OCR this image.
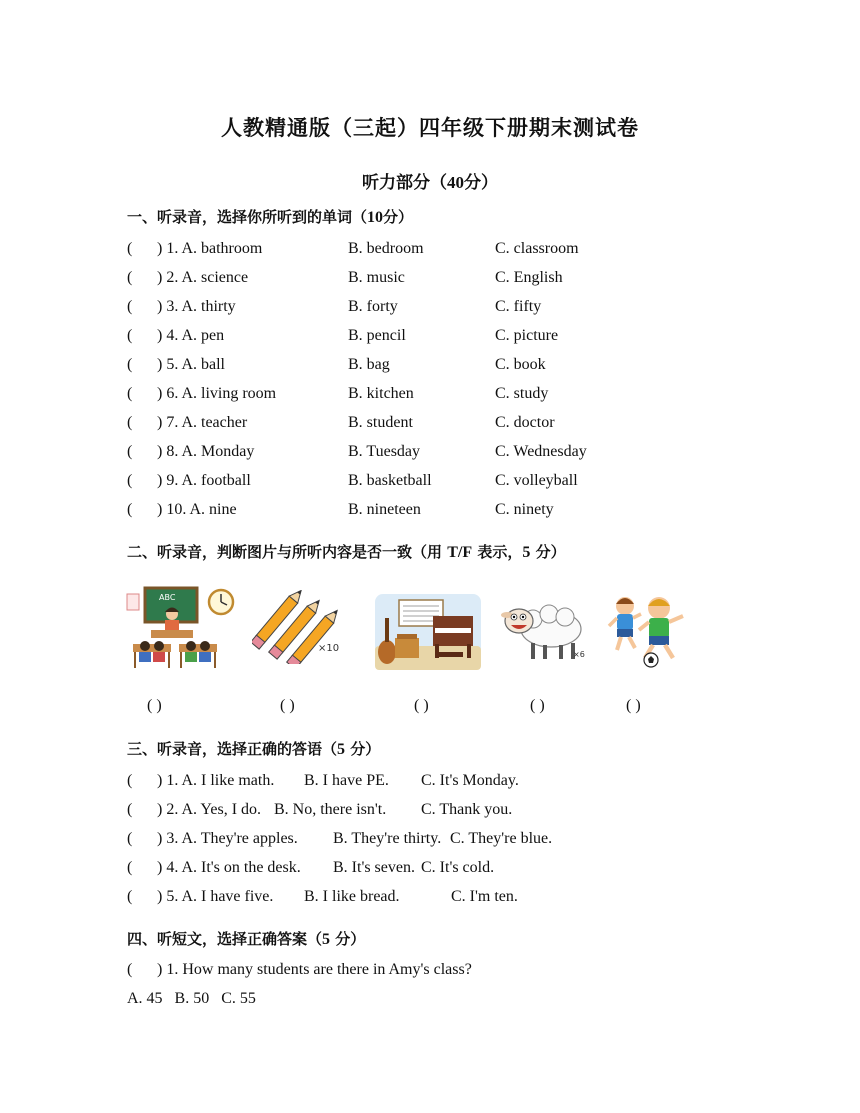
人教精通版（三起）四年级下册期末测试卷
听力部分（40分）
一、听录音，选择你所听到的单词（10分）
( ) 1. A. bathroom	B. bedroom	C. classroom
( ) 2. A. science	B. music	C. English
( ) 3. A. thirty	B. forty	C. fifty
( ) 4. A. pen	B. pencil	C. picture
( ) 5. A. ball	B. bag	C. book
( ) 6. A. living room	B. kitchen	C. study
( ) 7. A. teacher	B. student	C. doctor
( ) 8. A. Monday	B. Tuesday	C. Wednesday
( ) 9. A. football	B. basketball	C. volleyball
( ) 10. A. nine	B. nineteen	C. ninety
二、听录音，判断图片与所听内容是否一致（用 T/F 表示，5 分）
ABC
×10
×6
( )	( )	( )	( )	( )
三、听录音，选择正确的答语（5 分）
( ) 1. A. I like math. B. I have PE. C. It's Monday.
( ) 2. A. Yes, I do. B. No, there isn't. C. Thank you.
( ) 3. A. They're apples. B. They're thirty. C. They're blue.
( ) 4. A. It's on the desk. B. It's seven. C. It's cold.
( ) 5. A. I have five. B. I like bread.	C. I'm ten.
四、听短文，选择正确答案（5 分）
( ) 1. How many students are there in Amy's class?
A. 45   B. 50   C. 55
